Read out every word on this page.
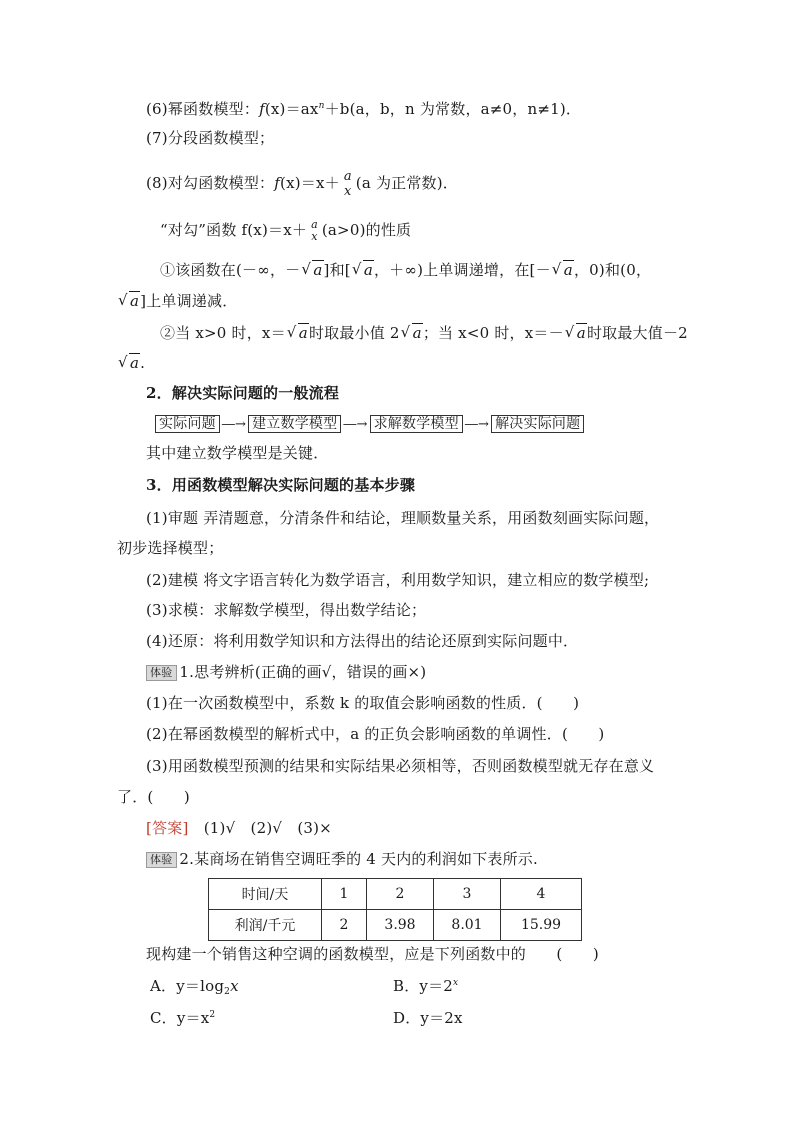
(6)幂函数模型：$f(x)=ax^n+b(a$，b，n 为常数，a≠0，n≠1)．
(7)分段函数模型；
(8)对勾函数模型：f(x)＝x＋ a
x (a 为正常数)．
“对勾”函数 f(x)＝x＋ a
x (a>0)的性质
①该函数在(－∞，－ √ a]和[ √ a，＋∞)上单调递增，在[－ √ a，0)和(0，
√ a]上单调递减．
②当 x>0 时，x＝ √ a时取最小值 2 √ a；当 x<0 时，x＝－ √ a时取最大值－2
√ a.
2．解决实际问题的一般流程
实际问题 ―→ 建立数学模型 ―→ 求解数学模型 ―→ 解决实际问题
其中建立数学模型是关键．
3．用函数模型解决实际问题的基本步骤
(1)审题 弄清题意，分清条件和结论，理顺数量关系，用函数刻画实际问题，
初步选择模型；
(2)建模 将文字语言转化为数学语言，利用数学知识，建立相应的数学模型;
(3)求模：求解数学模型，得出数学结论；
(4)还原：将利用数学知识和方法得出的结论还原到实际问题中．
体验 1.思考辨析(正确的画√，错误的画×)
(1)在一次函数模型中，系数 k 的取值会影响函数的性质．(　　)
(2)在幂函数模型的解析式中，a 的正负会影响函数的单调性．(　　)
(3)用函数模型预测的结果和实际结果必须相等，否则函数模型就无存在意义
了．(　　)
[答案]　 (1)√　(2)√　(3)×
体验 2.某商场在销售空调旺季的 4 天内的利润如下表所示.
时间/天	1	2	3	4
利润/千元	2	3.98	8.01	15.99
现构建一个销售这种空调的函数模型，应是下列函数中的　　(　　)
A．$y=\log_2x$	B．$y=2^x$
C．$y=x^2$	D．y＝2x
